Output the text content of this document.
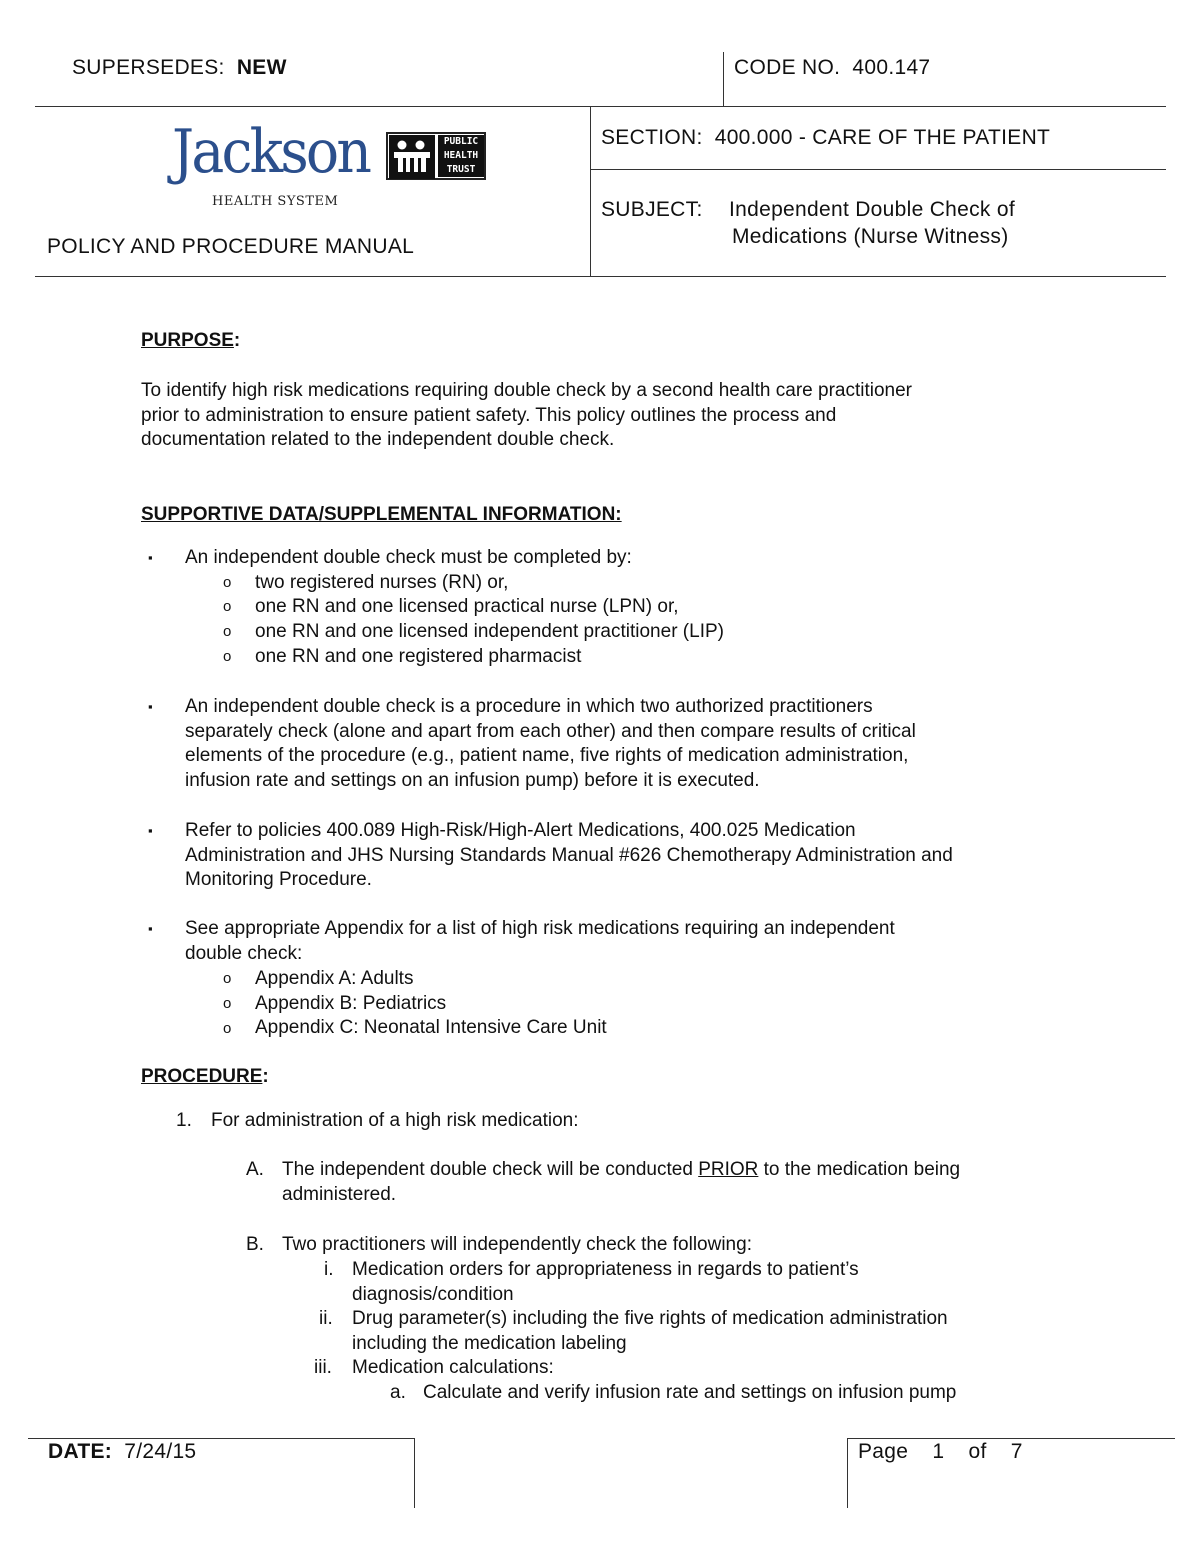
SUPERSEDES: NEW	CODE NO. 400.147
Jackson
HEALTH SYSTEM
PUBLIC
HEALTH
TRUST
POLICY AND PROCEDURE MANUAL
SECTION: 400.000 - CARE OF THE PATIENT
SUBJECT: Independent Double Check of
Medications (Nurse Witness)
PURPOSE:
To identify high risk medications requiring double check by a second health care practitioner
prior to administration to ensure patient safety. This policy outlines the process and
documentation related to the independent double check.
SUPPORTIVE DATA/SUPPLEMENTAL INFORMATION:
▪ An independent double check must be completed by:
o two registered nurses (RN) or,
o one RN and one licensed practical nurse (LPN) or,
o one RN and one licensed independent practitioner (LIP)
o one RN and one registered pharmacist
▪ An independent double check is a procedure in which two authorized practitioners
separately check (alone and apart from each other) and then compare results of critical
elements of the procedure (e.g., patient name, five rights of medication administration,
infusion rate and settings on an infusion pump) before it is executed.
▪ Refer to policies 400.089 High-Risk/High-Alert Medications, 400.025 Medication
Administration and JHS Nursing Standards Manual #626 Chemotherapy Administration and
Monitoring Procedure.
▪ See appropriate Appendix for a list of high risk medications requiring an independent
double check:
o Appendix A: Adults
o Appendix B: Pediatrics
o Appendix C: Neonatal Intensive Care Unit
PROCEDURE:
1. For administration of a high risk medication:
A. The independent double check will be conducted PRIOR to the medication being
administered.
B. Two practitioners will independently check the following:
i. Medication orders for appropriateness in regards to patient’s
diagnosis/condition
ii. Drug parameter(s) including the five rights of medication administration
including the medication labeling
iii. Medication calculations:
a. Calculate and verify infusion rate and settings on infusion pump
DATE: 7/24/15	Page 1 of 7
